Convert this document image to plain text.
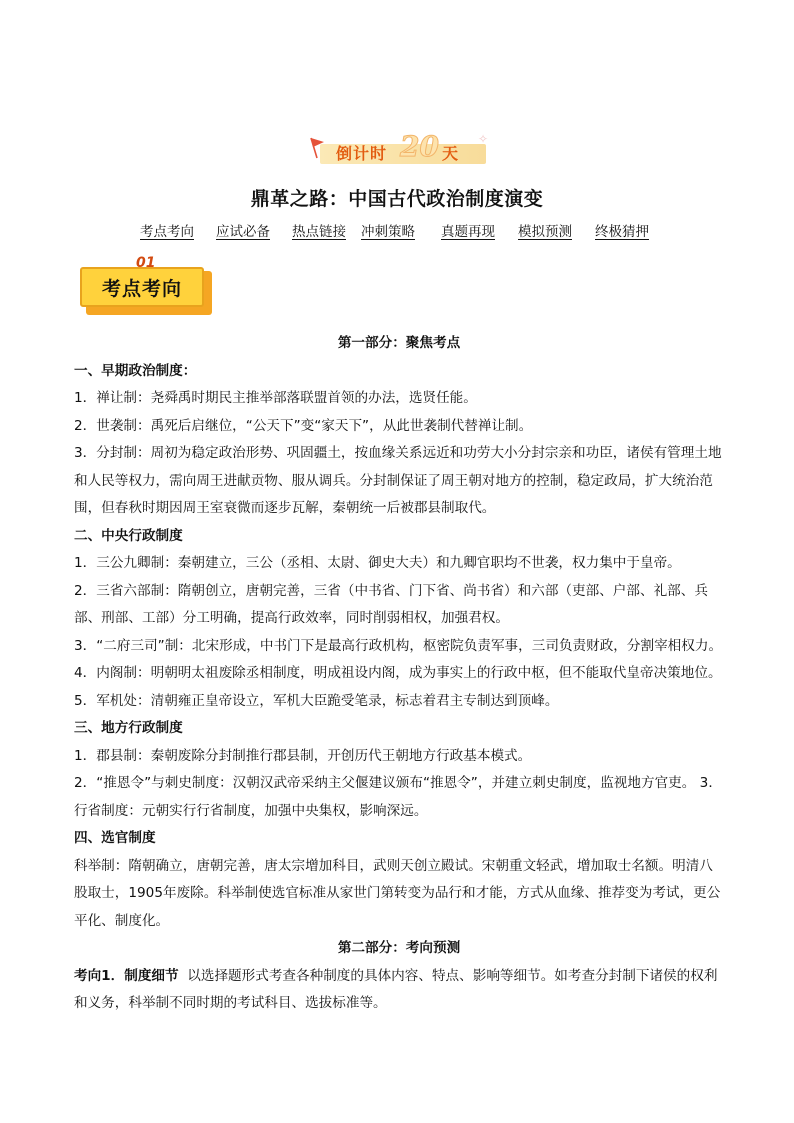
倒计时 20 天
✧
鼎革之路：中国古代政治制度演变
考点考向 应试必备 热点链接 冲刺策略 真题再现 模拟预测 终极猜押
01
考点考向

第一部分：聚焦考点

一、早期政治制度：

1．禅让制：尧舜禹时期民主推举部落联盟首领的办法，选贤任能。

2．世袭制：禹死后启继位，“公天下”变“家天下”，从此世袭制代替禅让制。

3．分封制：周初为稳定政治形势、巩固疆土，按血缘关系远近和功劳大小分封宗亲和功臣，诸侯有管理土地和人民等权力，需向周王进献贡物、服从调兵。分封制保证了周王朝对地方的控制，稳定政局，扩大统治范围，但春秋时期因周王室衰微而逐步瓦解，秦朝统一后被郡县制取代。

二、中央行政制度

1．三公九卿制：秦朝建立，三公（丞相、太尉、御史大夫）和九卿官职均不世袭，权力集中于皇帝。

2．三省六部制：隋朝创立，唐朝完善，三省（中书省、门下省、尚书省）和六部（吏部、户部、礼部、兵部、刑部、工部）分工明确，提高行政效率，同时削弱相权，加强君权。

3．“二府三司”制：北宋形成，中书门下是最高行政机构，枢密院负责军事，三司负责财政，分割宰相权力。

4．内阁制：明朝明太祖废除丞相制度，明成祖设内阁，成为事实上的行政中枢，但不能取代皇帝决策地位。

5．军机处：清朝雍正皇帝设立，军机大臣跪受笔录，标志着君主专制达到顶峰。

三、地方行政制度

1．郡县制：秦朝废除分封制推行郡县制，开创历代王朝地方行政基本模式。

2．“推恩令”与刺史制度：汉朝汉武帝采纳主父偃建议颁布“推恩令”，并建立刺史制度，监视地方官吏。 3．行省制度：元朝实行行省制度，加强中央集权，影响深远。

四、选官制度

科举制：隋朝确立，唐朝完善，唐太宗增加科目，武则天创立殿试。宋朝重文轻武，增加取士名额。明清八股取士，1905年废除。科举制使选官标准从家世门第转变为品行和才能，方式从血缘、推荐变为考试，更公平化、制度化。

第二部分：考向预测

考向1．制度细节 以选择题形式考查各种制度的具体内容、特点、影响等细节。如考查分封制下诸侯的权利和义务，科举制不同时期的考试科目、选拔标准等。
